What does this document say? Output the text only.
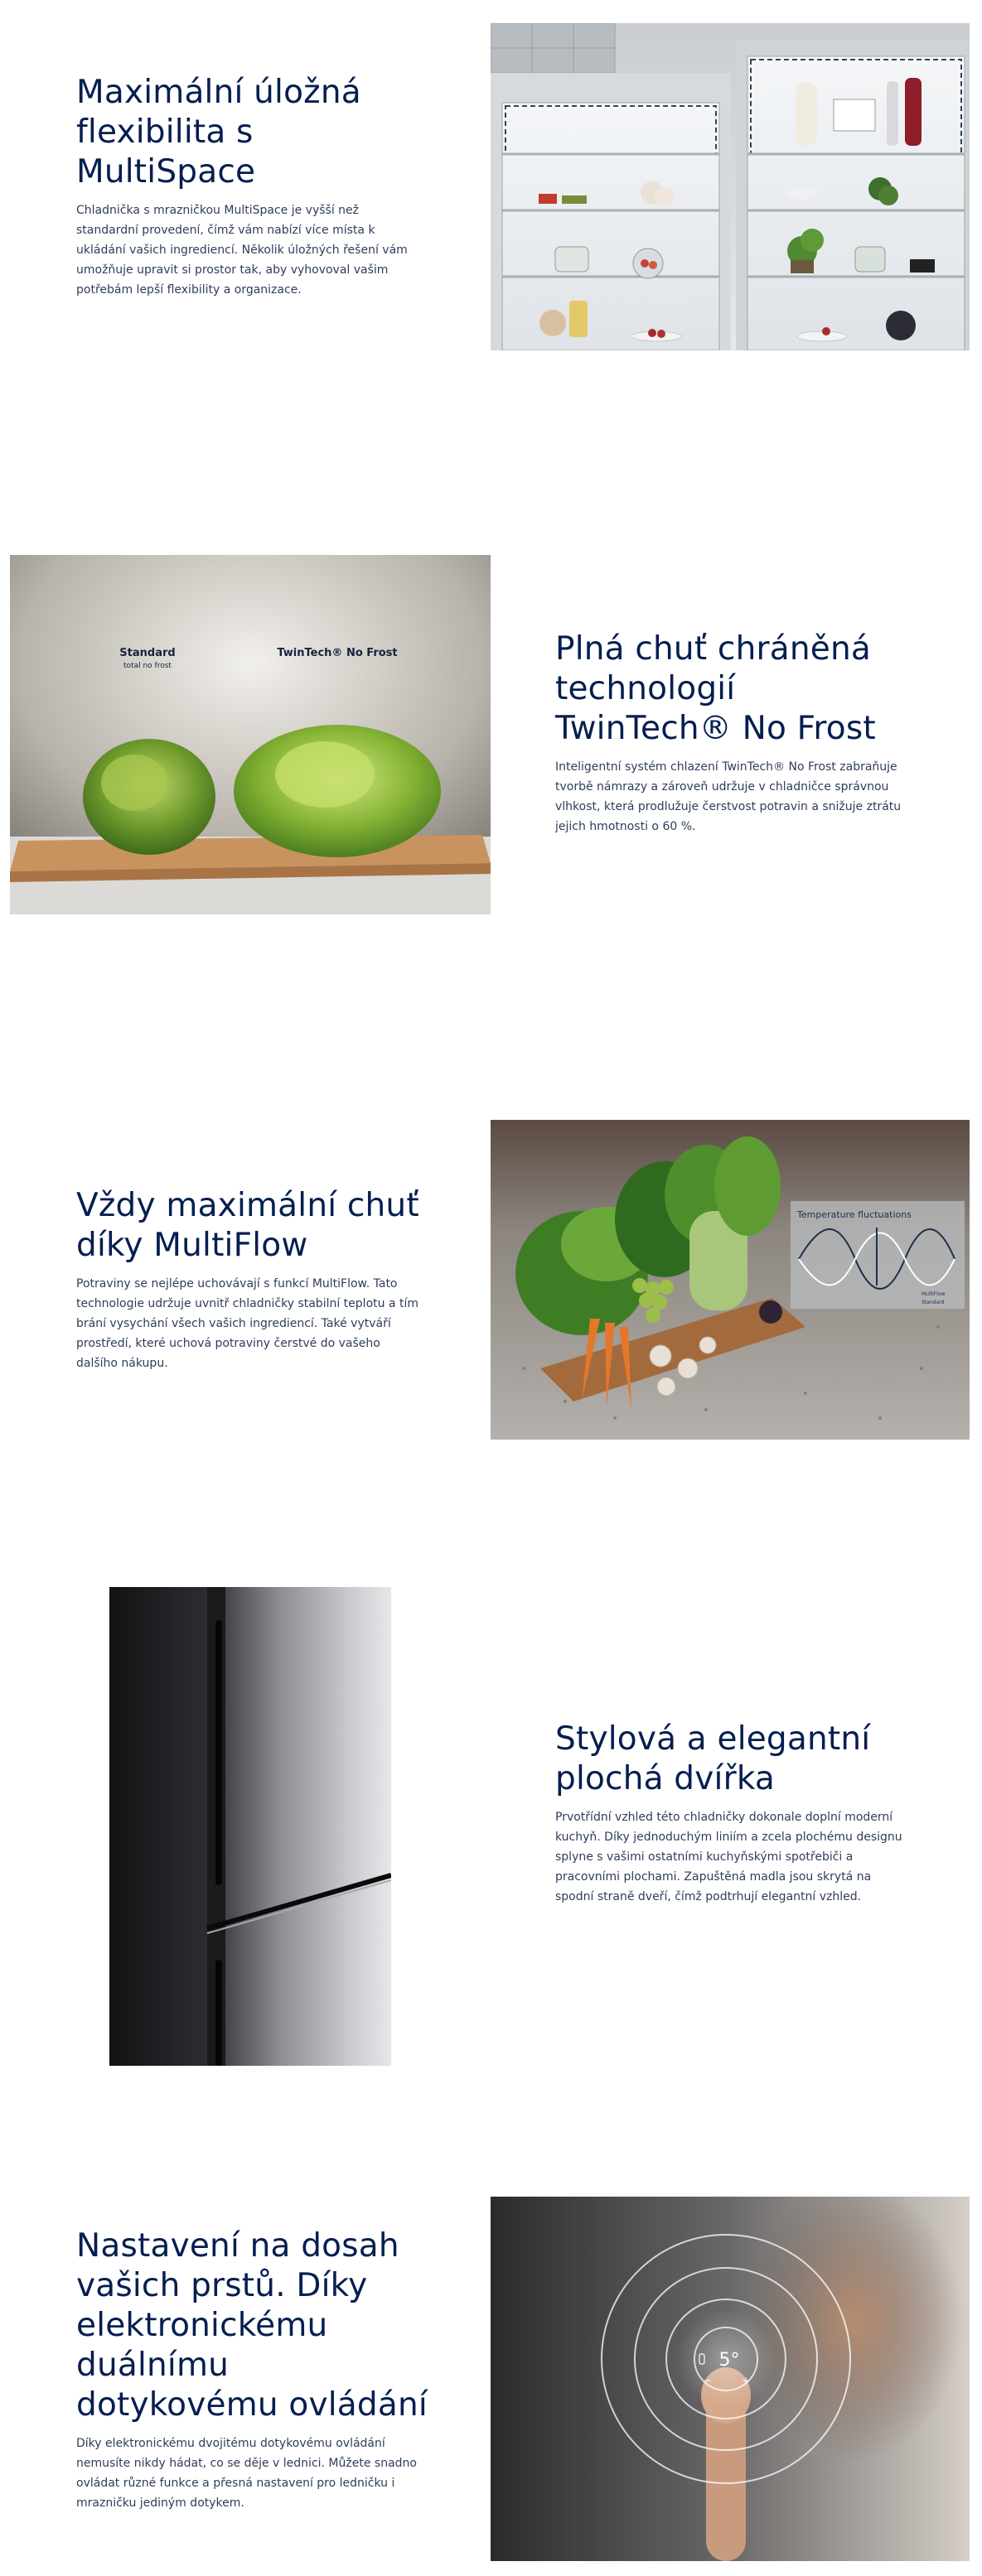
Maximální úložná flexibilita s MultiSpace

Chladnička s mrazničkou MultiSpace je vyšší než standardní provedení, čímž vám nabízí více místa k ukládání vašich ingrediencí. Několik úložných řešení vám umožňuje upravit si prostor tak, aby vyhovoval vašim potřebám lepší flexibility a organizace.

Standard
total no frost
TwinTech® No Frost	Plná chuť chráněná technologií TwinTech® No Frost

Inteligentní systém chlazení TwinTech® No Frost zabraňuje tvorbě námrazy a zároveň udržuje v chladničce správnou vlhkost, která prodlužuje čerstvost potravin a snižuje ztrátu jejich hmotnosti o 60 %.

Vždy maximální chuť díky MultiFlow

Potraviny se nejlépe uchovávají s funkcí MultiFlow. Tato technologie udržuje uvnitř chladničky stabilní teplotu a tím brání vysychání všech vašich ingrediencí. Také vytváří prostředí, které uchová potraviny čerstvé do vašeho dalšího nákupu.

Temperature fluctuations
MultiFlow
Standard
Stylová a elegantní plochá dvířka

Prvotřídní vzhled této chladničky dokonale doplní moderní kuchyň. Díky jednoduchým liniím a zcela plochému designu splyne s vašimi ostatními kuchyňskými spotřebiči a pracovními plochami. Zapuštěná madla jsou skrytá na spodní straně dveří, čímž podtrhují elegantní vzhled.

Nastavení na dosah vašich prstů. Díky elektronickému duálnímu dotykovému ovládání

Díky elektronickému dvojitému dotykovému ovládání nemusíte nikdy hádat, co se děje v lednici. Můžete snadno ovládat různé funkce a přesná nastavení pro ledničku i mrazničku jediným dotykem.

5°
−	+
